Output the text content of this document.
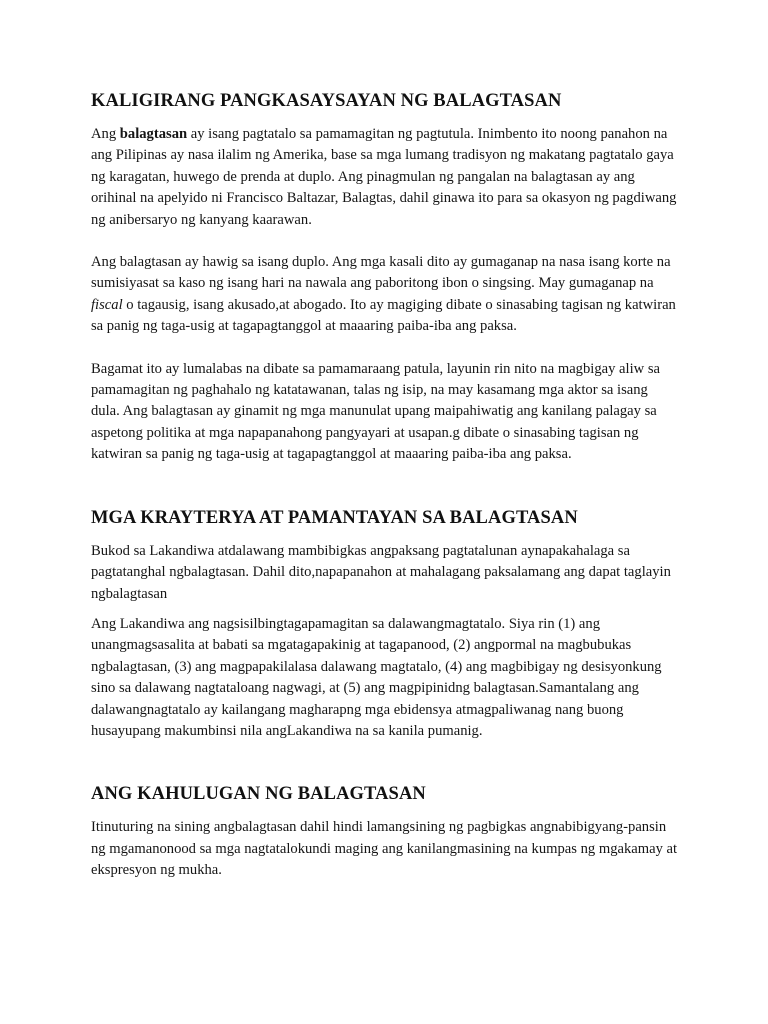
KALIGIRANG PANGKASAYSAYAN NG BALAGTASAN

Ang balagtasan ay isang pagtatalo sa pamamagitan ng pagtutula. Inimbento ito noong panahon na ang Pilipinas ay nasa ilalim ng Amerika, base sa mga lumang tradisyon ng makatang pagtatalo gaya ng karagatan, huwego de prenda at duplo. Ang pinagmulan ng pangalan na balagtasan ay ang orihinal na apelyido ni Francisco Baltazar, Balagtas, dahil ginawa ito para sa okasyon ng pagdiwang ng anibersaryo ng kanyang kaarawan.

Ang balagtasan ay hawig sa isang duplo. Ang mga kasali dito ay gumaganap na nasa isang korte na sumisiyasat sa kaso ng isang hari na nawala ang paboritong ibon o singsing. May gumaganap na fiscal o tagausig, isang akusado,at abogado. Ito ay magiging dibate o sinasabing tagisan ng katwiran sa panig ng taga-usig at tagapagtanggol at maaaring paiba-iba ang paksa.

Bagamat ito ay lumalabas na dibate sa pamamaraang patula, layunin rin nito na magbigay aliw sa pamamagitan ng paghahalo ng katatawanan, talas ng isip, na may kasamang mga aktor sa isang dula. Ang balagtasan ay ginamit ng mga manunulat upang maipahiwatig ang kanilang palagay sa aspetong politika at mga napapanahong pangyayari at usapan.g dibate o sinasabing tagisan ng katwiran sa panig ng taga-usig at tagapagtanggol at maaaring paiba-iba ang paksa.

MGA KRAYTERYA AT PAMANTAYAN SA BALAGTASAN

Bukod sa Lakandiwa atdalawang mambibigkas angpaksang pagtatalunan aynapakahalaga sa pagtatanghal ngbalagtasan. Dahil dito,napapanahon at mahalagang paksalamang ang dapat taglayin ngbalagtasan

Ang Lakandiwa ang nagsisilbingtagapamagitan sa dalawangmagtatalo. Siya rin (1) ang unangmagsasalita at babati sa mgatagapakinig at tagapanood, (2) angpormal na magbubukas ngbalagtasan, (3) ang magpapakilalasa dalawang magtatalo, (4) ang magbibigay ng desisyonkung sino sa dalawang nagtataloang nagwagi, at (5) ang magpipinidng balagtasan.Samantalang ang dalawangnagtatalo ay kailangang magharapng mga ebidensya atmagpaliwanag nang buong husayupang makumbinsi nila angLakandiwa na sa kanila pumanig.

ANG KAHULUGAN NG BALAGTASAN

Itinuturing na sining angbalagtasan dahil hindi lamangsining ng pagbigkas angnabibigyang-pansin ng mgamanonood sa mga nagtatalokundi maging ang kanilangmasining na kumpas ng mgakamay at ekspresyon ng mukha.
